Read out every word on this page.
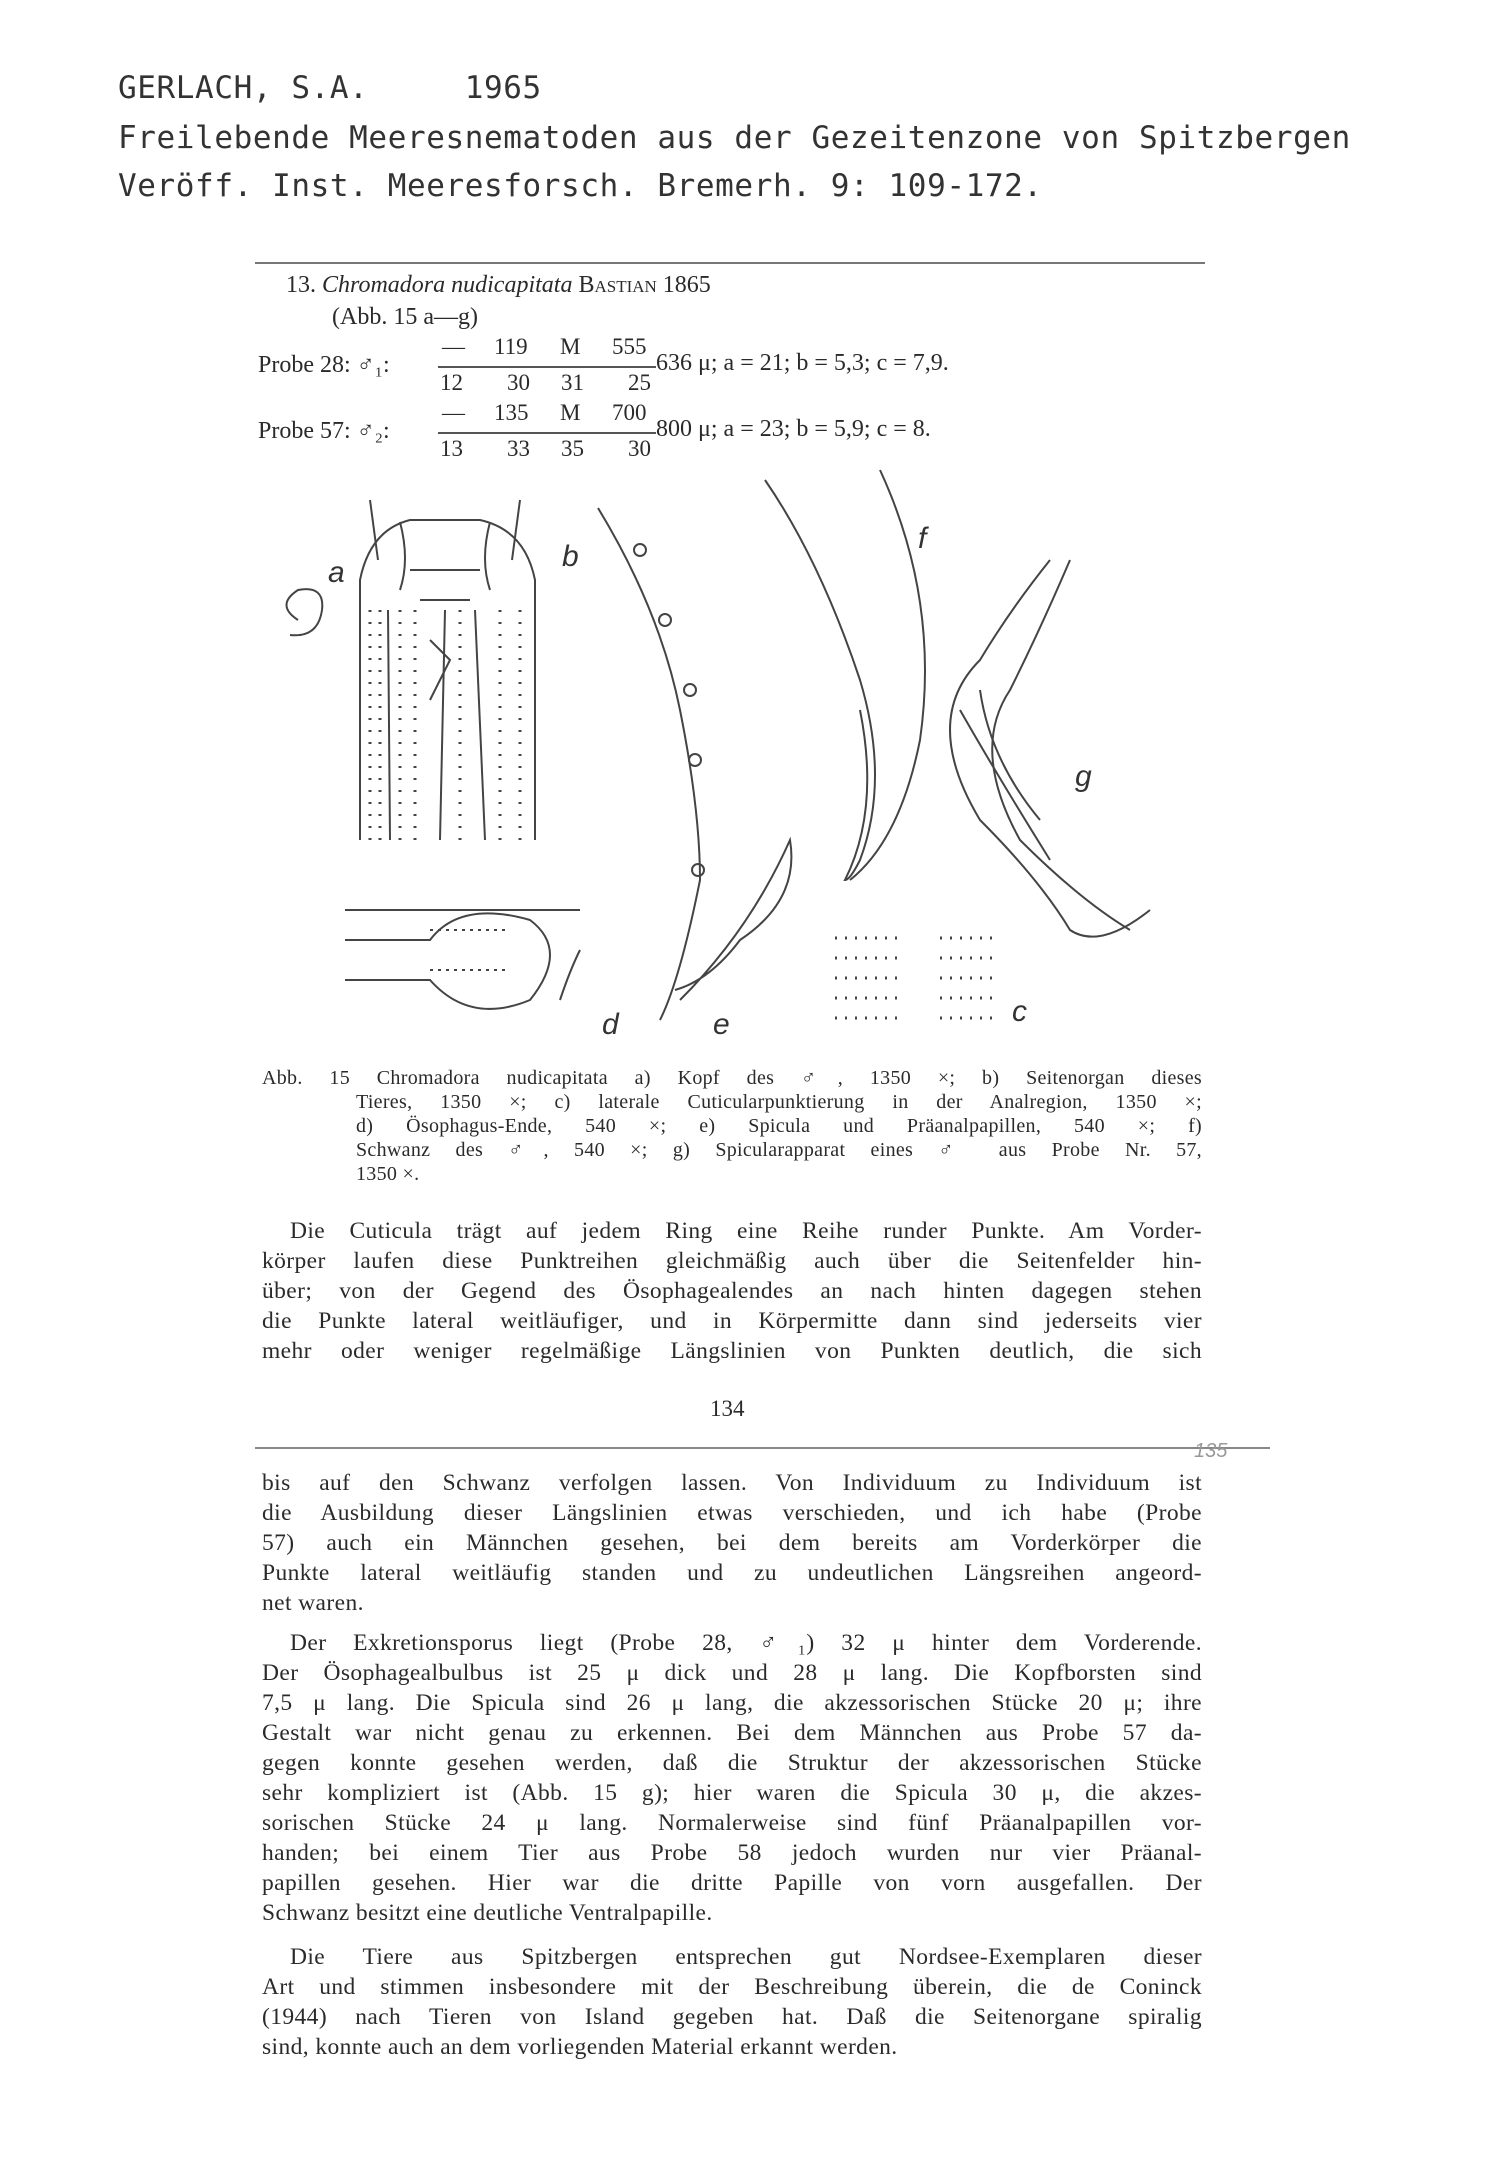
GERLACH, S.A.     1965
Freilebende Meeresnematoden aus der Gezeitenzone von Spitzbergen
Veröff. Inst. Meeresforsch. Bremerh. 9: 109-172.
13. Chromadora nudicapitata Bastian 1865
(Abb. 15 a—g)
Probe 28: ♂₁:
— 119 M 555
12 30 31 25
636 μ; a = 21; b = 5,3; c = 7,9.
Probe 57: ♂₂:
— 135 M 700
13 33 35 30
800 μ; a = 23; b = 5,9; c = 8.
a	b
c
d	e
f
g
Abb. 15 Chromadora nudicapitata a) Kopf des ♂, 1350 ×; b) Seitenorgan dieses
Tieres, 1350 ×; c) laterale Cuticularpunktierung in der Analregion, 1350 ×;
d) Ösophagus-Ende, 540 ×; e) Spicula und Präanalpapillen, 540 ×; f)
Schwanz des ♂, 540 ×; g) Spicularapparat eines ♂ aus Probe Nr. 57,
1350 ×.
Die Cuticula trägt auf jedem Ring eine Reihe runder Punkte. Am Vorder-
körper laufen diese Punktreihen gleichmäßig auch über die Seitenfelder hin-
über; von der Gegend des Ösophagealendes an nach hinten dagegen stehen
die Punkte lateral weitläufiger, und in Körpermitte dann sind jederseits vier
mehr oder weniger regelmäßige Längslinien von Punkten deutlich, die sich
134
135
bis auf den Schwanz verfolgen lassen. Von Individuum zu Individuum ist
die Ausbildung dieser Längslinien etwas verschieden, und ich habe (Probe
57) auch ein Männchen gesehen, bei dem bereits am Vorderkörper die
Punkte lateral weitläufig standen und zu undeutlichen Längsreihen angeord-
net waren.
Der Exkretionsporus liegt (Probe 28, ♂₁) 32 μ hinter dem Vorderende.
Der Ösophagealbulbus ist 25 μ dick und 28 μ lang. Die Kopfborsten sind
7,5 μ lang. Die Spicula sind 26 μ lang, die akzessorischen Stücke 20 μ; ihre
Gestalt war nicht genau zu erkennen. Bei dem Männchen aus Probe 57 da-
gegen konnte gesehen werden, daß die Struktur der akzessorischen Stücke
sehr kompliziert ist (Abb. 15 g); hier waren die Spicula 30 μ, die akzes-
sorischen Stücke 24 μ lang. Normalerweise sind fünf Präanalpapillen vor-
handen; bei einem Tier aus Probe 58 jedoch wurden nur vier Präanal-
papillen gesehen. Hier war die dritte Papille von vorn ausgefallen. Der
Schwanz besitzt eine deutliche Ventralpapille.
Die Tiere aus Spitzbergen entsprechen gut Nordsee-Exemplaren dieser
Art und stimmen insbesondere mit der Beschreibung überein, die de Coninck
(1944) nach Tieren von Island gegeben hat. Daß die Seitenorgane spiralig
sind, konnte auch an dem vorliegenden Material erkannt werden.
